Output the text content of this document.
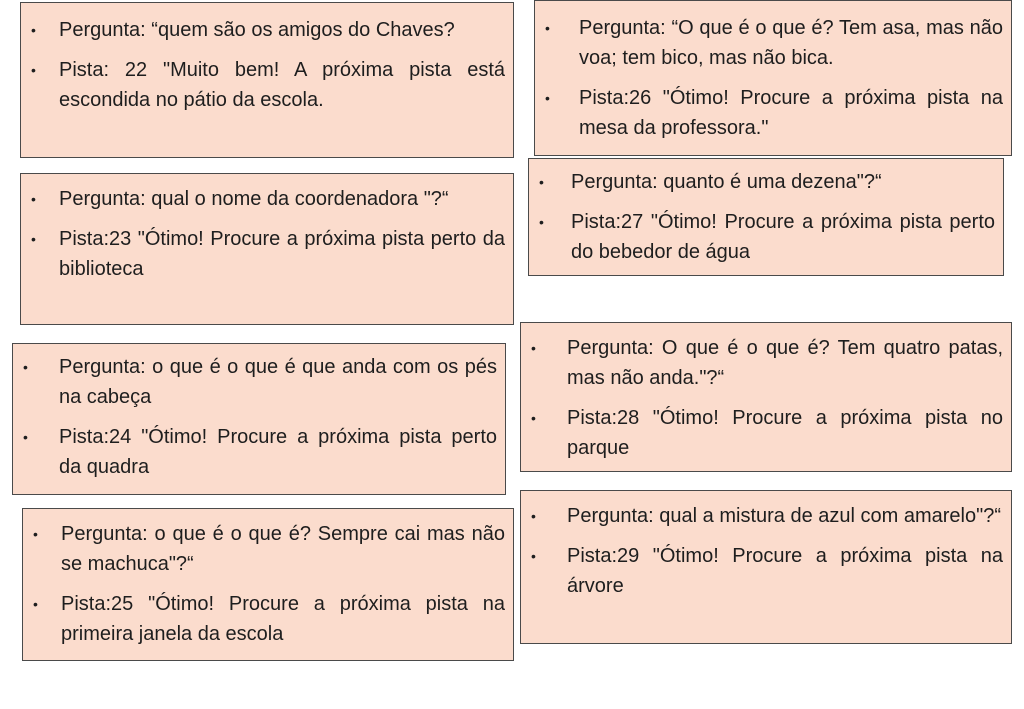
• Pergunta: “quem são os amigos do Chaves?
• Pista: 22 "Muito bem! A próxima pista está escondida no pátio da escola.
• Pergunta: “O que é o que é? Tem asa, mas não voa; tem bico, mas não bica.
• Pista:26 "Ótimo! Procure a próxima pista na mesa da professora."
• Pergunta: qual o nome da coordenadora "?“
• Pista:23 "Ótimo! Procure a próxima pista perto da biblioteca
• Pergunta: quanto é uma dezena"?“
• Pista:27 "Ótimo! Procure a próxima pista perto do bebedor de água
• Pergunta: o que é o que é que anda com os pés na cabeça
• Pista:24 "Ótimo! Procure a próxima pista perto da quadra
• Pergunta: O que é o que é? Tem quatro patas, mas não anda."?“
• Pista:28 "Ótimo! Procure a próxima pista no parque
• Pergunta: o que é o que é? Sempre cai mas não se machuca"?“
• Pista:25 "Ótimo! Procure a próxima pista na primeira janela da escola
• Pergunta: qual a mistura de azul com amarelo"?“
• Pista:29 "Ótimo! Procure a próxima pista na árvore
